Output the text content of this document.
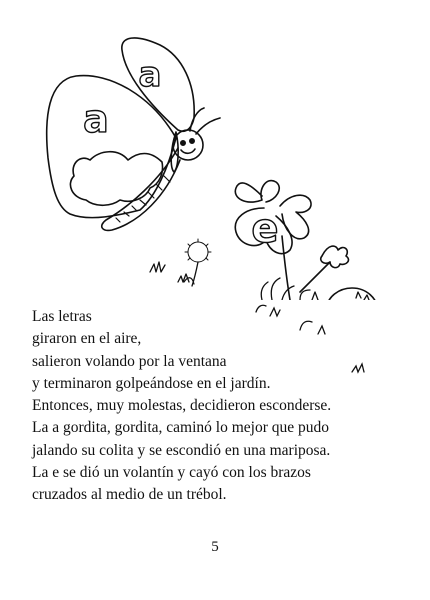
a
a
e
Las letras
giraron en el aire,
salieron volando por la ventana
y terminaron golpeándose en el jardín.
Entonces, muy molestas, decidieron esconderse.
La a gordita, gordita, caminó lo mejor que pudo
jalando su colita y se escondió en una mariposa.
La e se dió un volantín y cayó con los brazos
cruzados al medio de un trébol.
5
